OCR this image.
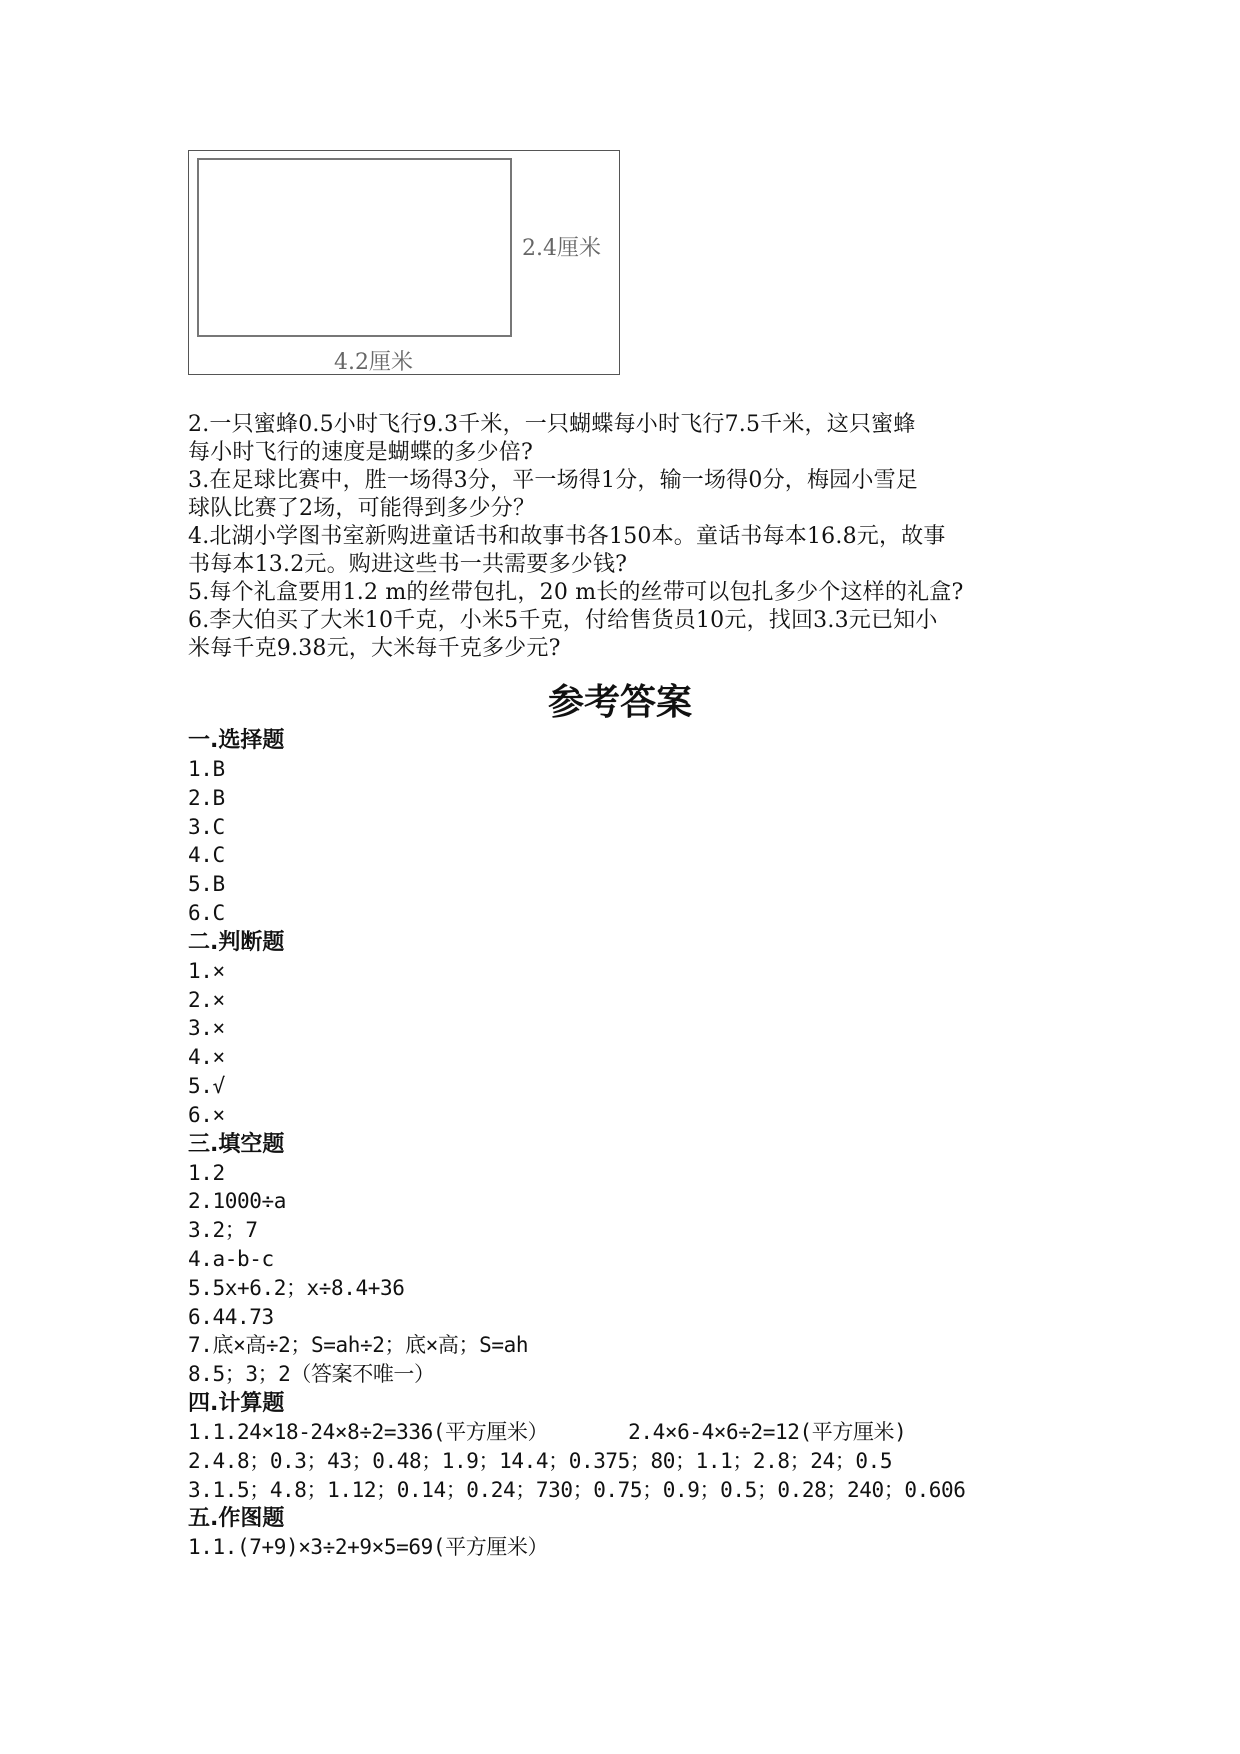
2.4厘米
4.2厘米

2.一只蜜蜂0.5小时飞行9.3千米，一只蝴蝶每小时飞行7.5千米，这只蜜蜂

每小时飞行的速度是蝴蝶的多少倍?

3.在足球比赛中，胜一场得3分，平一场得1分，输一场得0分，梅园小雪足

球队比赛了2场，可能得到多少分？

4.北湖小学图书室新购进童话书和故事书各150本。童话书每本16.8元，故事

书每本13.2元。购进这些书一共需要多少钱?

5.每个礼盒要用1.2 m的丝带包扎，20 m长的丝带可以包扎多少个这样的礼盒?

6.李大伯买了大米10千克，小米5千克，付给售货员10元，找回3.3元已知小

米每千克9.38元，大米每千克多少元?

参考答案

一.选择题

1.B

2.B

3.C

4.C

5.B

6.C

二.判断题

1.×

2.×

3.×

4.×

5.√

6.×

三.填空题

1.2

2.1000÷a

3.2；7

4.a-b-c

5.5x+6.2；x÷8.4+36

6.44.73

7.底×高÷2；S=ah÷2；底×高；S=ah

8.5；3；2（答案不唯一）

四.计算题

1.1.24×18-24×8÷2=336(平方厘米）	2.4×6-4×6÷2=12(平方厘米)

2.4.8；0.3；43；0.48；1.9；14.4；0.375；80；1.1；2.8；24；0.5

3.1.5；4.8；1.12；0.14；0.24；730；0.75；0.9；0.5；0.28；240；0.606

五.作图题

1.1.(7+9)×3÷2+9×5=69(平方厘米）
